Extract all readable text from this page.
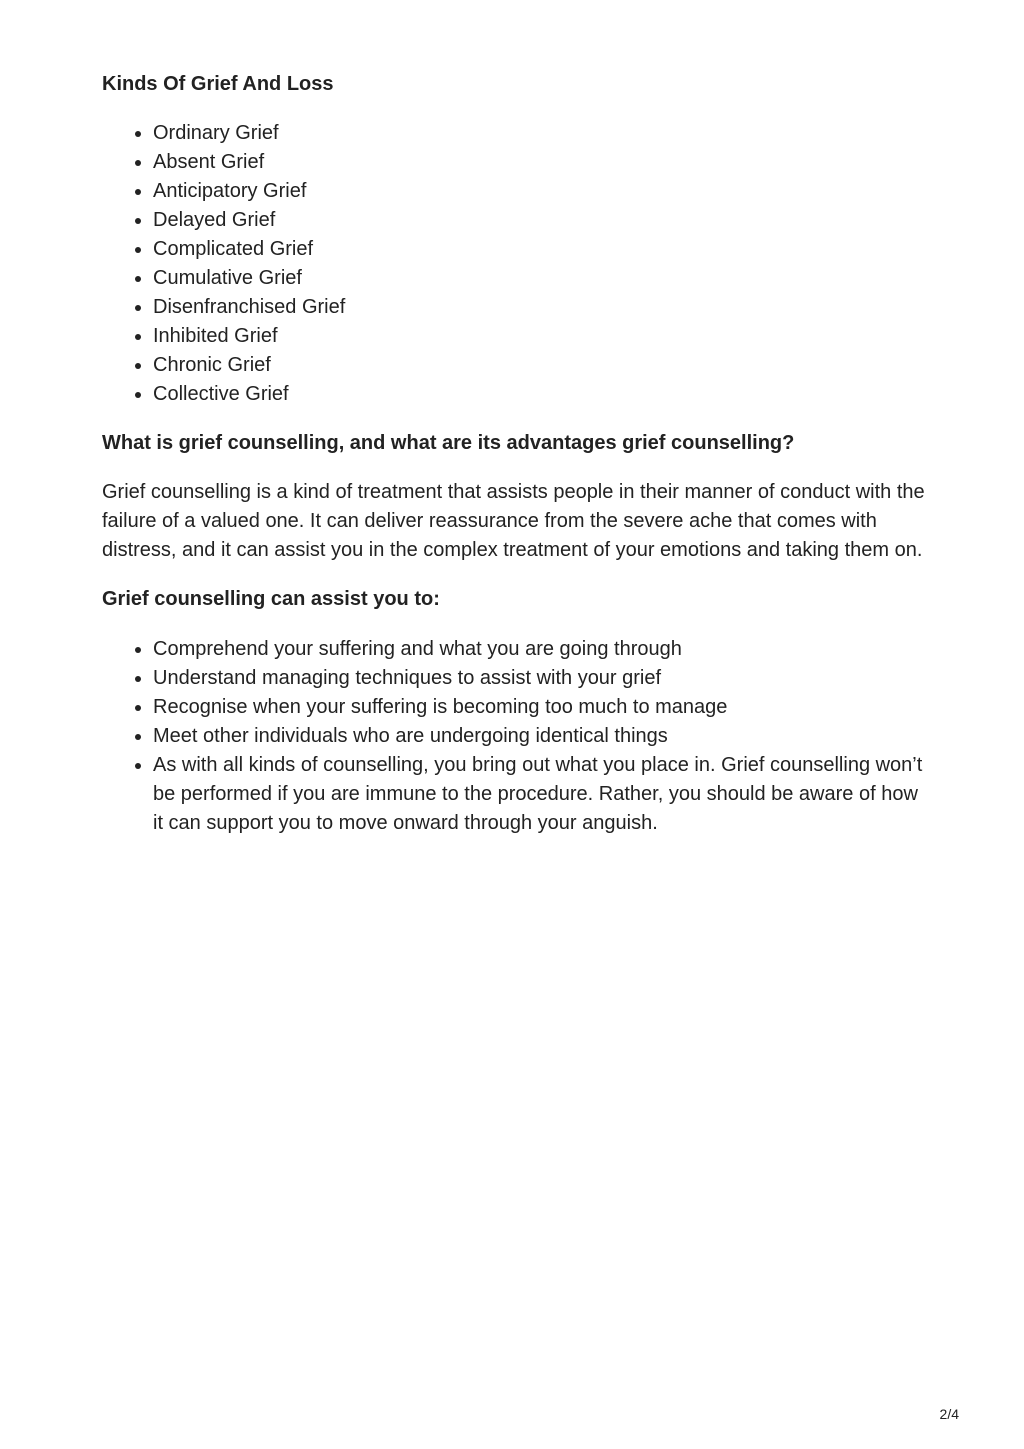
Kinds Of Grief And Loss

• Ordinary Grief
• Absent Grief
• Anticipatory Grief
• Delayed Grief
• Complicated Grief
• Cumulative Grief
• Disenfranchised Grief
• Inhibited Grief
• Chronic Grief
• Collective Grief

What is grief counselling, and what are its advantages grief counselling?

Grief counselling is a kind of treatment that assists people in their manner of conduct with the failure of a valued one. It can deliver reassurance from the severe ache that comes with distress, and it can assist you in the complex treatment of your emotions and taking them on.

Grief counselling can assist you to:

• Comprehend your suffering and what you are going through
• Understand managing techniques to assist with your grief
• Recognise when your suffering is becoming too much to manage
• Meet other individuals who are undergoing identical things
• As with all kinds of counselling, you bring out what you place in. Grief counselling won’t be performed if you are immune to the procedure. Rather, you should be aware of how it can support you to move onward through your anguish.
2/4
